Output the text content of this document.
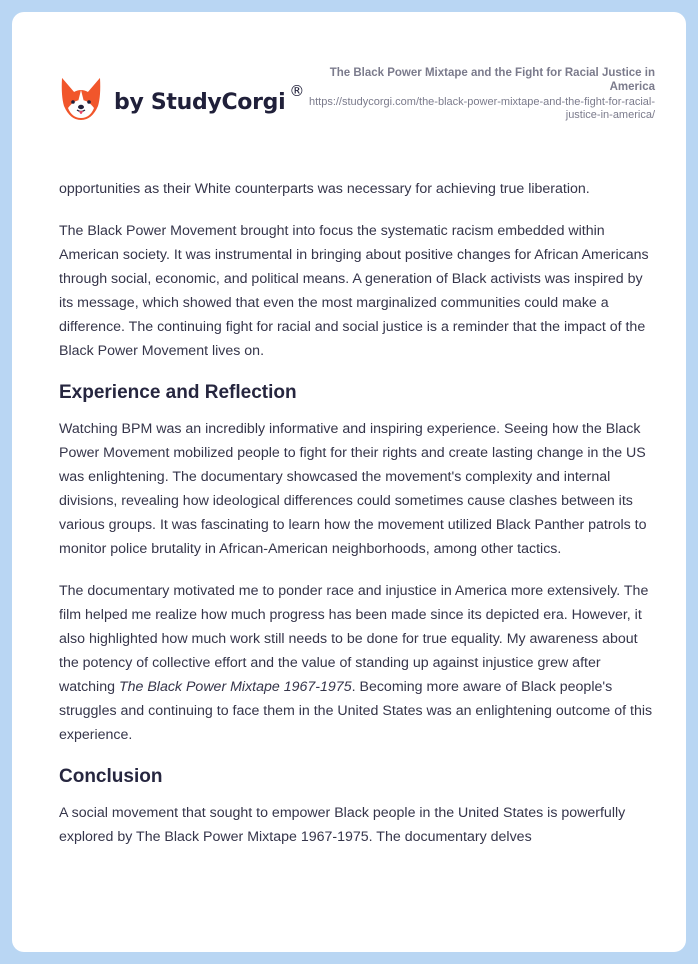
by StudyCorgi ®
The Black Power Mixtape and the Fight for Racial Justice in America
https://studycorgi.com/the-black-power-mixtape-and-the-fight-for-racial-justice-in-america/

opportunities as their White counterparts was necessary for achieving true liberation.

The Black Power Movement brought into focus the systematic racism embedded within American society. It was instrumental in bringing about positive changes for African Americans through social, economic, and political means. A generation of Black activists was inspired by its message, which showed that even the most marginalized communities could make a difference. The continuing fight for racial and social justice is a reminder that the impact of the Black Power Movement lives on.

Experience and Reflection

Watching BPM was an incredibly informative and inspiring experience. Seeing how the Black Power Movement mobilized people to fight for their rights and create lasting change in the US was enlightening. The documentary showcased the movement's complexity and internal divisions, revealing how ideological differences could sometimes cause clashes between its various groups. It was fascinating to learn how the movement utilized Black Panther patrols to monitor police brutality in African-American neighborhoods, among other tactics.

The documentary motivated me to ponder race and injustice in America more extensively. The film helped me realize how much progress has been made since its depicted era. However, it also highlighted how much work still needs to be done for true equality. My awareness about the potency of collective effort and the value of standing up against injustice grew after watching The Black Power Mixtape 1967-1975. Becoming more aware of Black people's struggles and continuing to face them in the United States was an enlightening outcome of this experience.

Conclusion

A social movement that sought to empower Black people in the United States is powerfully explored by The Black Power Mixtape 1967-1975. The documentary delves
